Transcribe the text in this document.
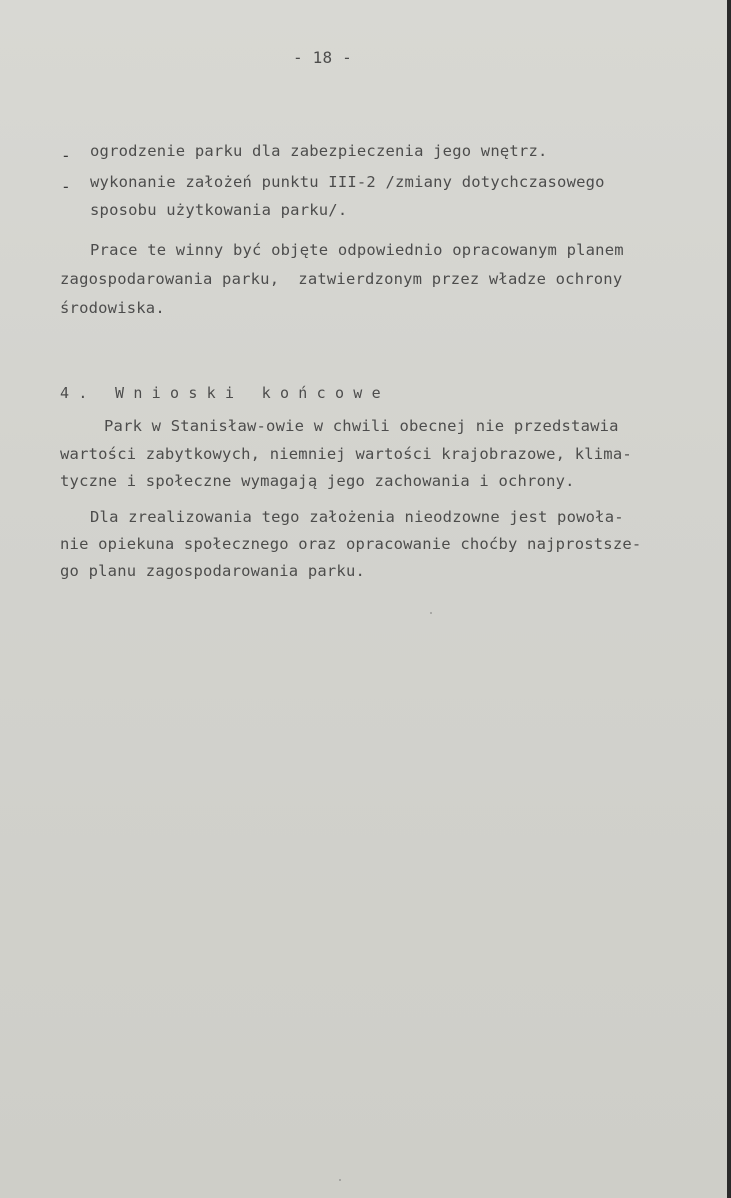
- 18 -
- ogrodzenie parku dla zabezpieczenia jego wnętrz.
- wykonanie założeń punktu III-2 /zmiany dotychczasowego
sposobu użytkowania parku/.
Prace te winny być objęte odpowiednio opracowanym planem
zagospodarowania parku,  zatwierdzonym przez władze ochrony
środowiska.
4. Wnioski końcowe
Park w Stanisław-owie w chwili obecnej nie przedstawia
wartości zabytkowych, niemniej wartości krajobrazowe, klima-
tyczne i społeczne wymagają jego zachowania i ochrony.
Dla zrealizowania tego założenia nieodzowne jest powoła-
nie opiekuna społecznego oraz opracowanie choćby najprostsze-
go planu zagospodarowania parku.
